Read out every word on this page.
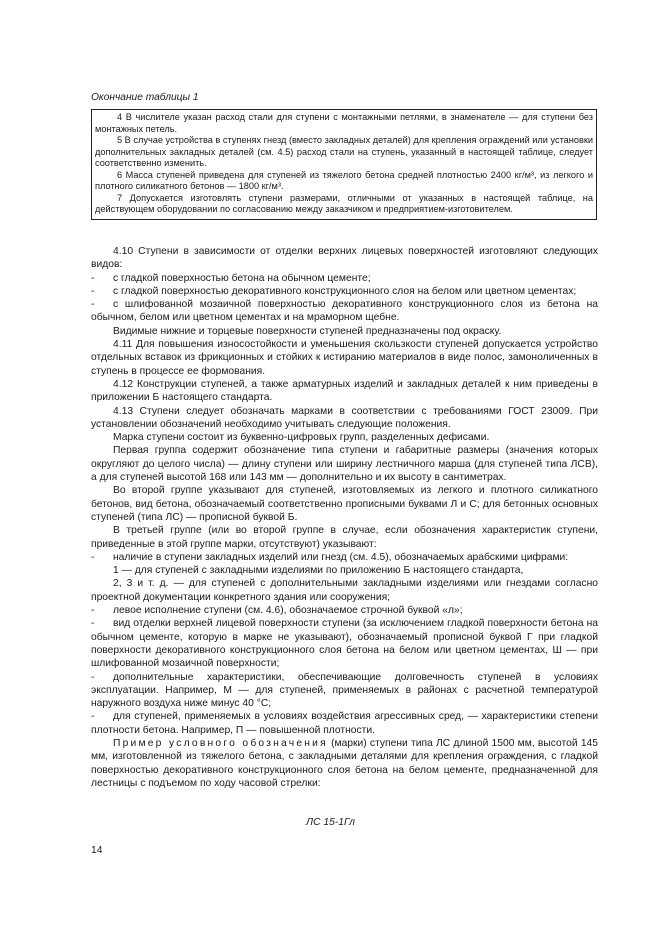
Окончание таблицы 1

4 В числителе указан расход стали для ступени с монтажными петлями, в знаменателе — для ступени без монтажных петель.

5 В случае устройства в ступенях гнезд (вместо закладных деталей) для крепления ограждений или установки дополнительных закладных деталей (см. 4.5) расход стали на ступень, указанный в настоящей таблице, следует соответственно изменить.

6 Масса ступеней приведена для ступеней из тяжелого бетона средней плотностью 2400 кг/м³, из легкого и плотного силикатного бетонов — 1800 кг/м³.

7 Допускается изготовлять ступени размерами, отличными от указанных в настоящей таблице, на действующем оборудовании по согласованию между заказчиком и предприятием-изготовителем.

4.10 Ступени в зависимости от отделки верхних лицевых поверхностей изготовляют следующих видов:

- с гладкой поверхностью бетона на обычном цементе;

- с гладкой поверхностью декоративного конструкционного слоя на белом или цветном цементах;

- с шлифованной мозаичной поверхностью декоративного конструкционного слоя из бетона на обычном, белом или цветном цементах и на мраморном щебне.

Видимые нижние и торцевые поверхности ступеней предназначены под окраску.

4.11 Для повышения износостойкости и уменьшения скользкости ступеней допускается устройство отдельных вставок из фрикционных и стойких к истиранию материалов в виде полос, замоноличенных в ступень в процессе ее формования.

4.12 Конструкции ступеней, а также арматурных изделий и закладных деталей к ним приведены в приложении Б настоящего стандарта.

4.13 Ступени следует обозначать марками в соответствии с требованиями ГОСТ 23009. При установлении обозначений необходимо учитывать следующие положения.

Марка ступени состоит из буквенно-цифровых групп, разделенных дефисами.

Первая группа содержит обозначение типа ступени и габаритные размеры (значения которых округляют до целого числа) — длину ступени или ширину лестничного марша (для ступеней типа ЛСВ), а для ступеней высотой 168 или 143 мм — дополнительно и их высоту в сантиметрах.

Во второй группе указывают для ступеней, изготовляемых из легкого и плотного силикатного бетонов, вид бетона, обозначаемый соответственно прописными буквами Л и С; для бетонных основных ступеней (типа ЛС) — прописной буквой Б.

В третьей группе (или во второй группе в случае, если обозначения характеристик ступени, приведенные в этой группе марки, отсутствуют) указывают:

- наличие в ступени закладных изделий или гнезд (см. 4.5), обозначаемых арабскими цифрами:

1 — для ступеней с закладными изделиями по приложению Б настоящего стандарта,

2, 3 и т. д. — для ступеней с дополнительными закладными изделиями или гнездами согласно проектной документации конкретного здания или сооружения;

- левое исполнение ступени (см. 4.6), обозначаемое строчной буквой «л»;

- вид отделки верхней лицевой поверхности ступени (за исключением гладкой поверхности бетона на обычном цементе, которую в марке не указывают), обозначаемый прописной буквой Г при гладкой поверхности декоративного конструкционного слоя бетона на белом или цветном цементах, Ш — при шлифованной мозаичной поверхности;

- дополнительные характеристики, обеспечивающие долговечность ступеней в условиях эксплуатации. Например, М — для ступеней, применяемых в районах с расчетной температурой наружного воздуха ниже минус 40 °С;

- для ступеней, применяемых в условиях воздействия агрессивных сред, — характеристики степени плотности бетона. Например, П — повышенной плотности.

Пример условного обозначения (марки) ступени типа ЛС длиной 1500 мм, высотой 145 мм, изготовленной из тяжелого бетона, с закладными деталями для крепления ограждения, с гладкой поверхностью декоративного конструкционного слоя бетона на белом цементе, предназначенной для лестницы с подъемом по ходу часовой стрелки:

ЛС 15-1Гл
14
